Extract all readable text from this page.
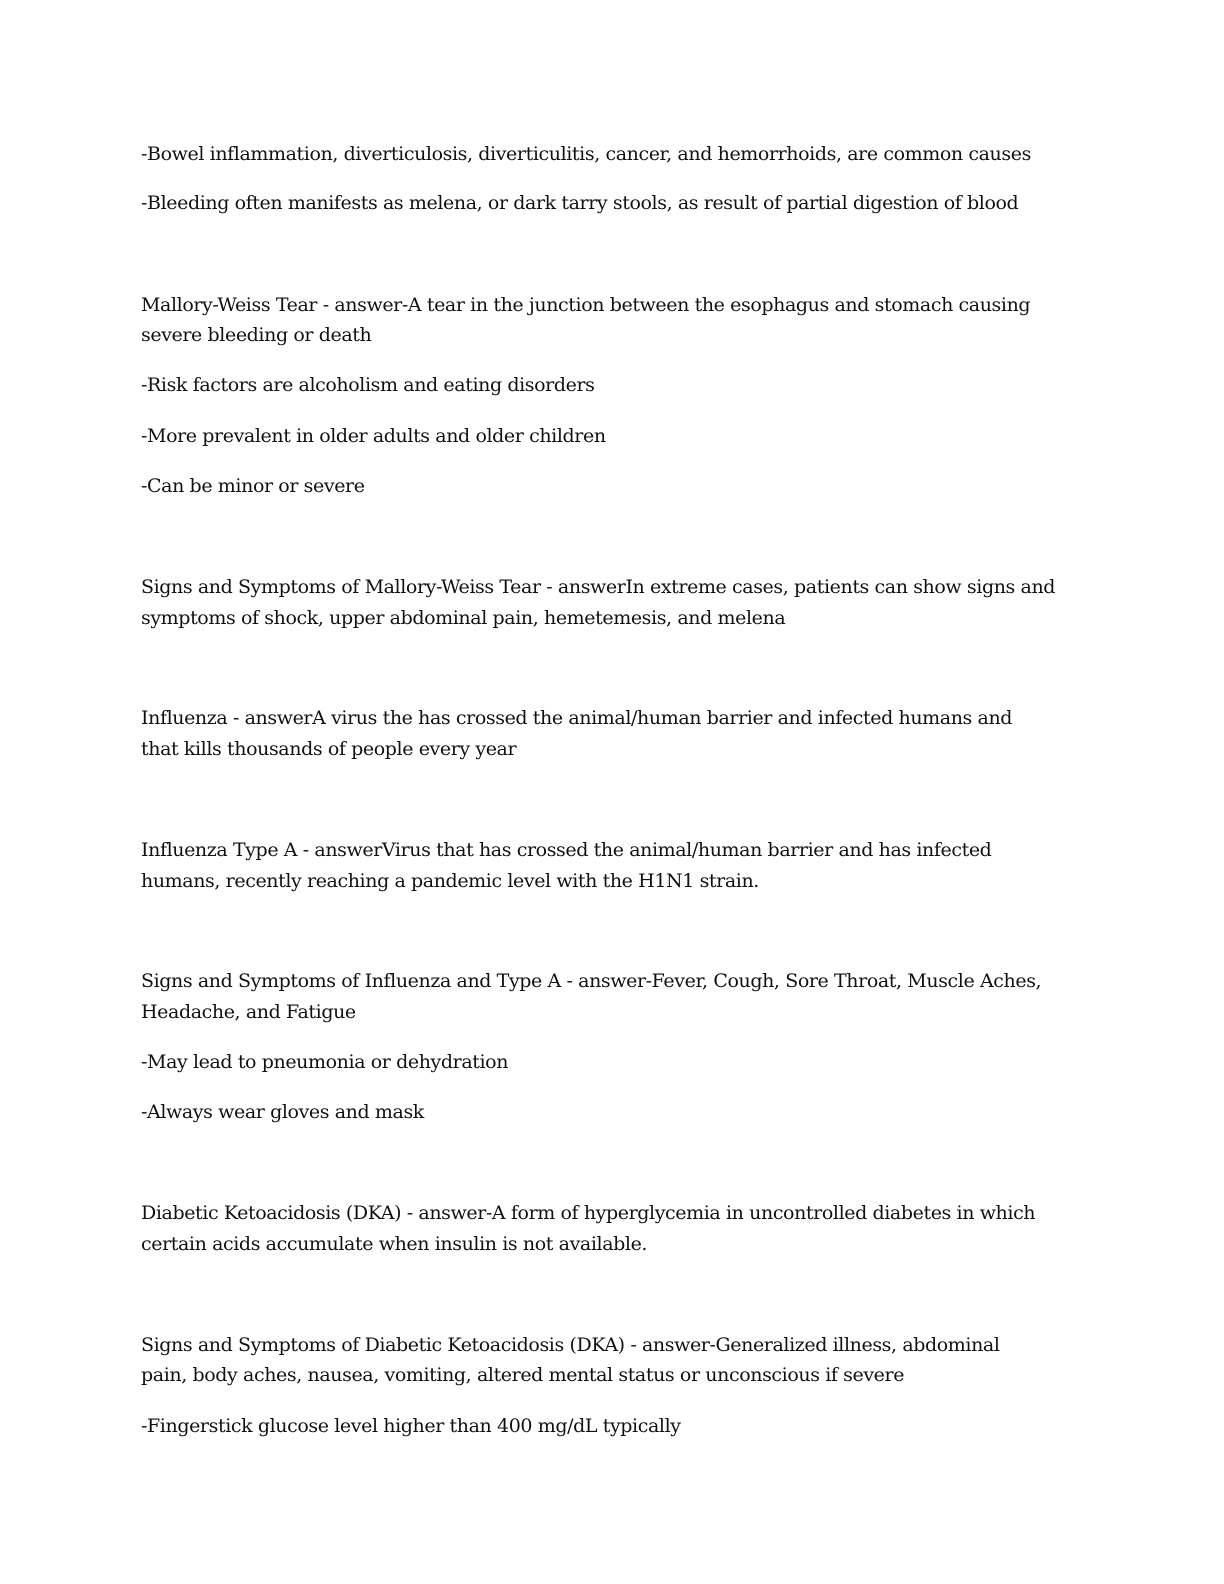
-Bowel inflammation, diverticulosis, diverticulitis, cancer, and hemorrhoids, are common causes

-Bleeding often manifests as melena, or dark tarry stools, as result of partial digestion of blood

Mallory-Weiss Tear - answer-A tear in the junction between the esophagus and stomach causing

severe bleeding or death

-Risk factors are alcoholism and eating disorders

-More prevalent in older adults and older children

-Can be minor or severe

Signs and Symptoms of Mallory-Weiss Tear - answerIn extreme cases, patients can show signs and

symptoms of shock, upper abdominal pain, hemetemesis, and melena

Influenza - answerA virus the has crossed the animal/human barrier and infected humans and

that kills thousands of people every year

Influenza Type A - answerVirus that has crossed the animal/human barrier and has infected

humans, recently reaching a pandemic level with the H1N1 strain.

Signs and Symptoms of Influenza and Type A - answer-Fever, Cough, Sore Throat, Muscle Aches,

Headache, and Fatigue

-May lead to pneumonia or dehydration

-Always wear gloves and mask

Diabetic Ketoacidosis (DKA) - answer-A form of hyperglycemia in uncontrolled diabetes in which

certain acids accumulate when insulin is not available.

Signs and Symptoms of Diabetic Ketoacidosis (DKA) - answer-Generalized illness, abdominal

pain, body aches, nausea, vomiting, altered mental status or unconscious if severe

-Fingerstick glucose level higher than 400 mg/dL typically
